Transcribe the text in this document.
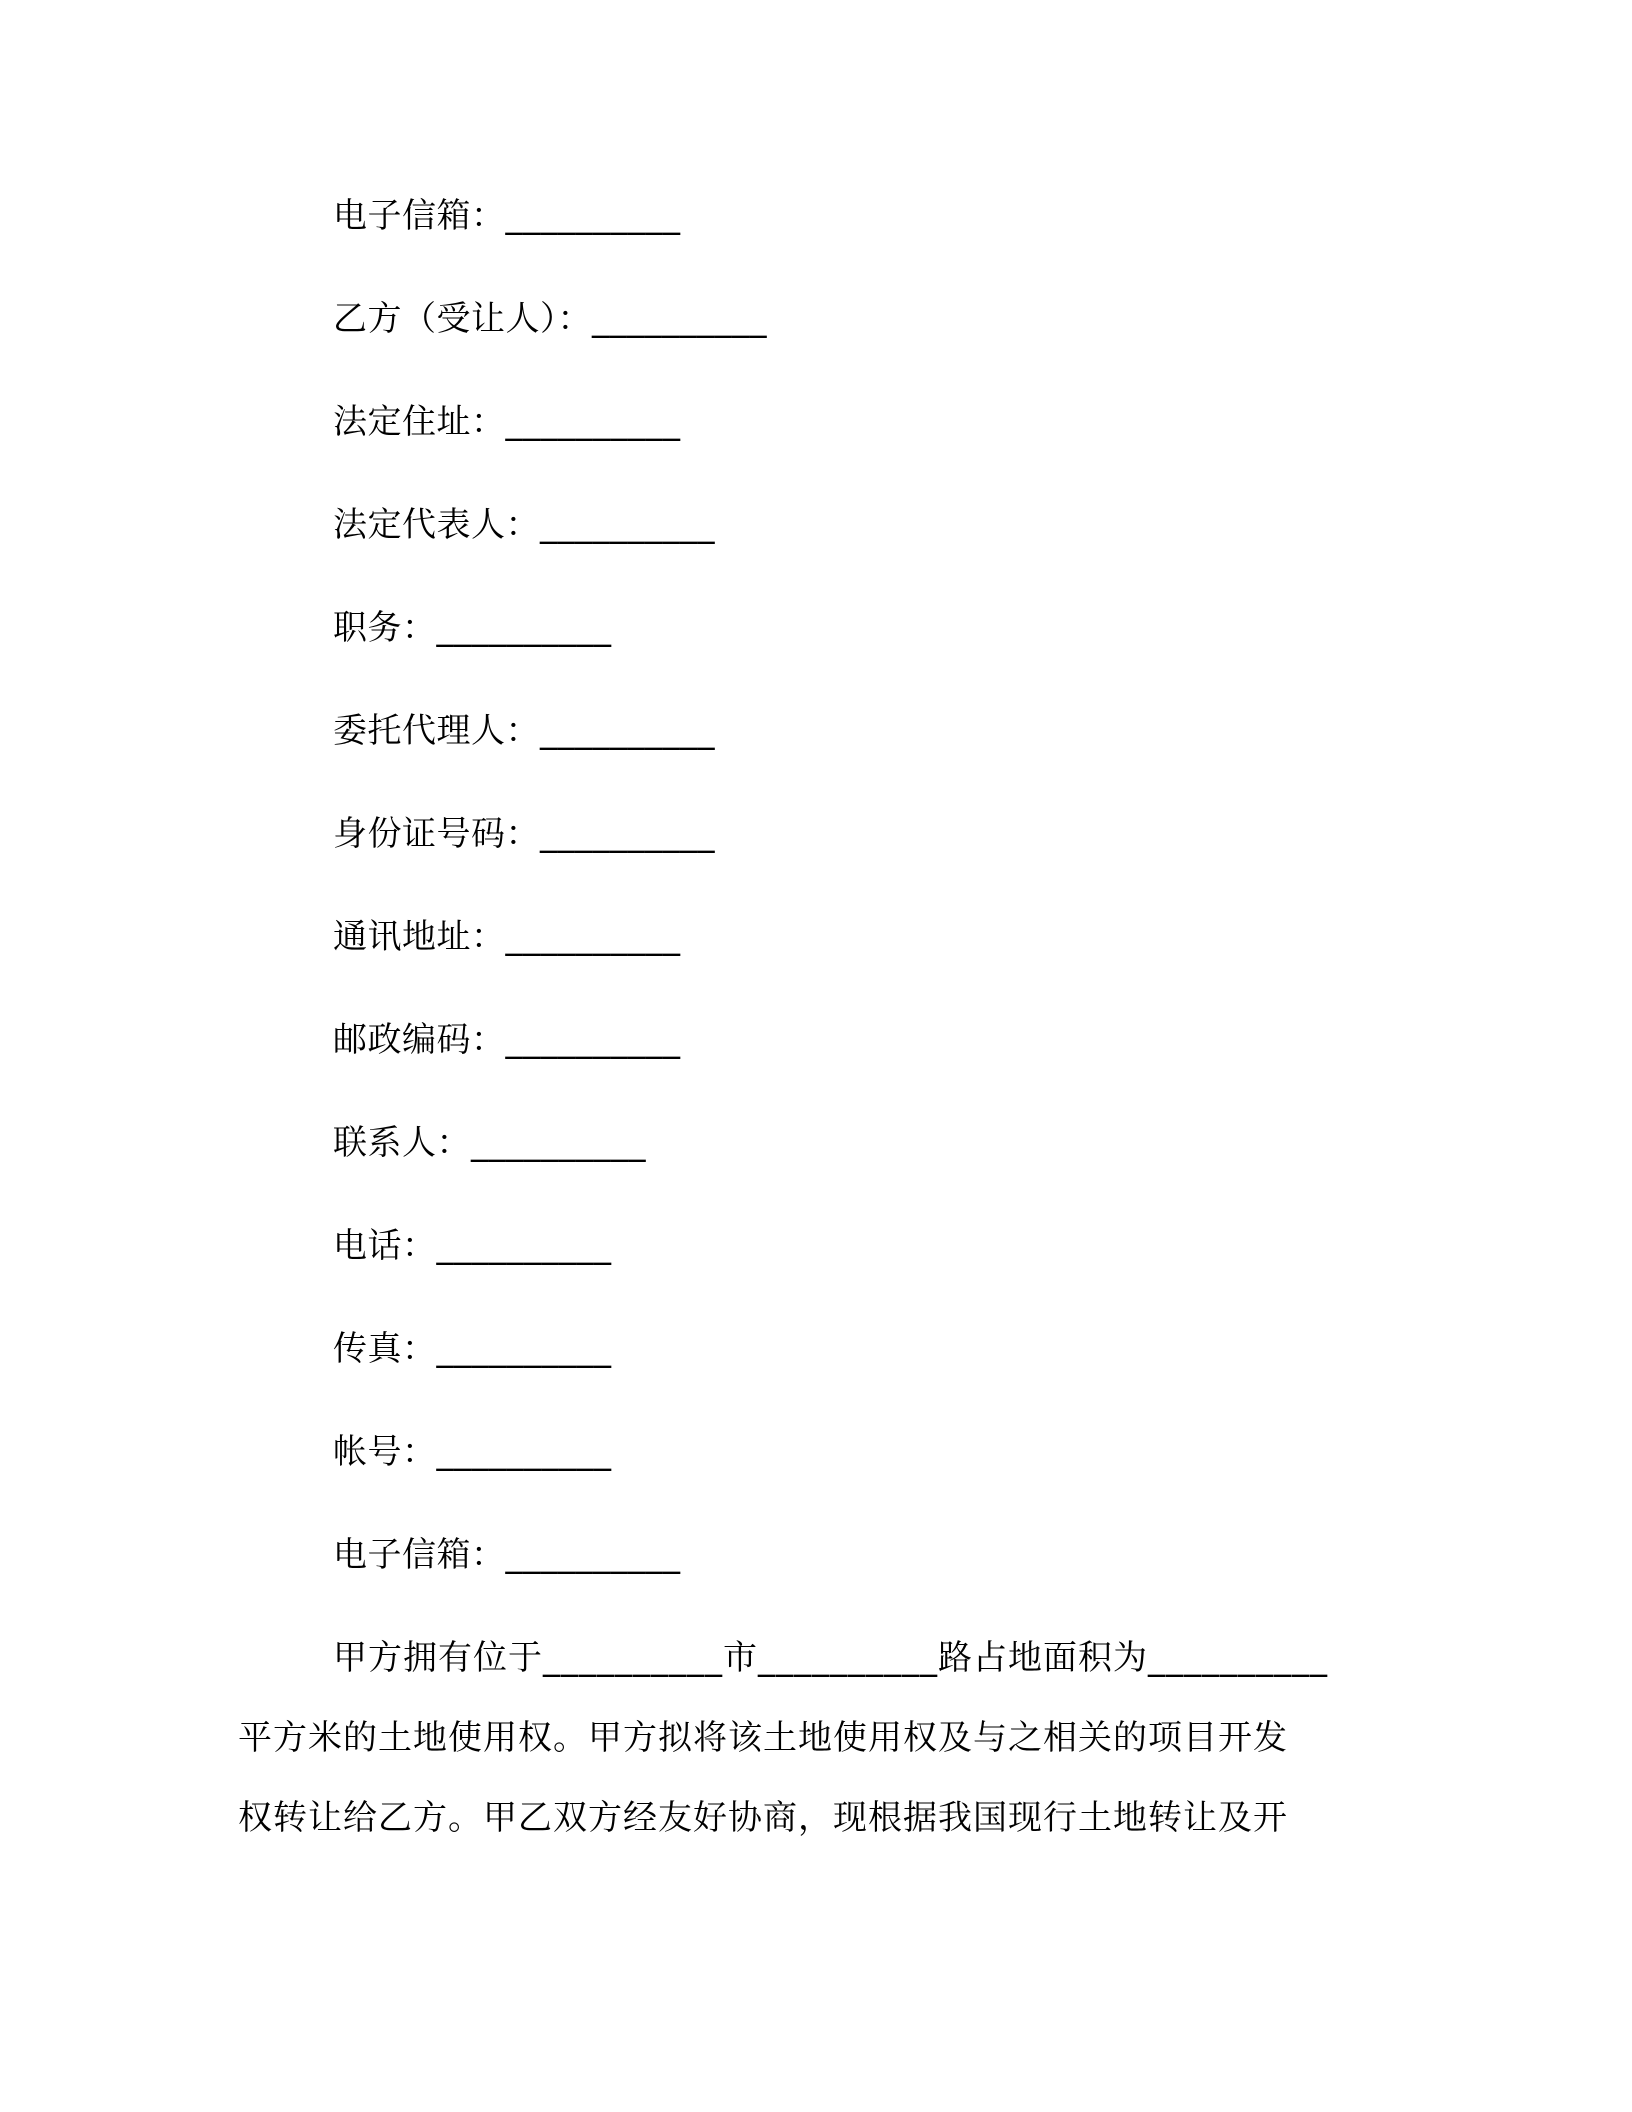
电子信箱：__________
乙方（受让人）：__________
法定住址：__________
法定代表人：__________
职务：__________
委托代理人：__________
身份证号码：__________
通讯地址：__________
邮政编码：__________
联系人：__________
电话：__________
传真：__________
帐号：__________
电子信箱：__________
甲方拥有位于__________市__________路占地面积为__________
平方米的土地使用权。甲方拟将该土地使用权及与之相关的项目开发
权转让给乙方。甲乙双方经友好协商，现根据我国现行土地转让及开
